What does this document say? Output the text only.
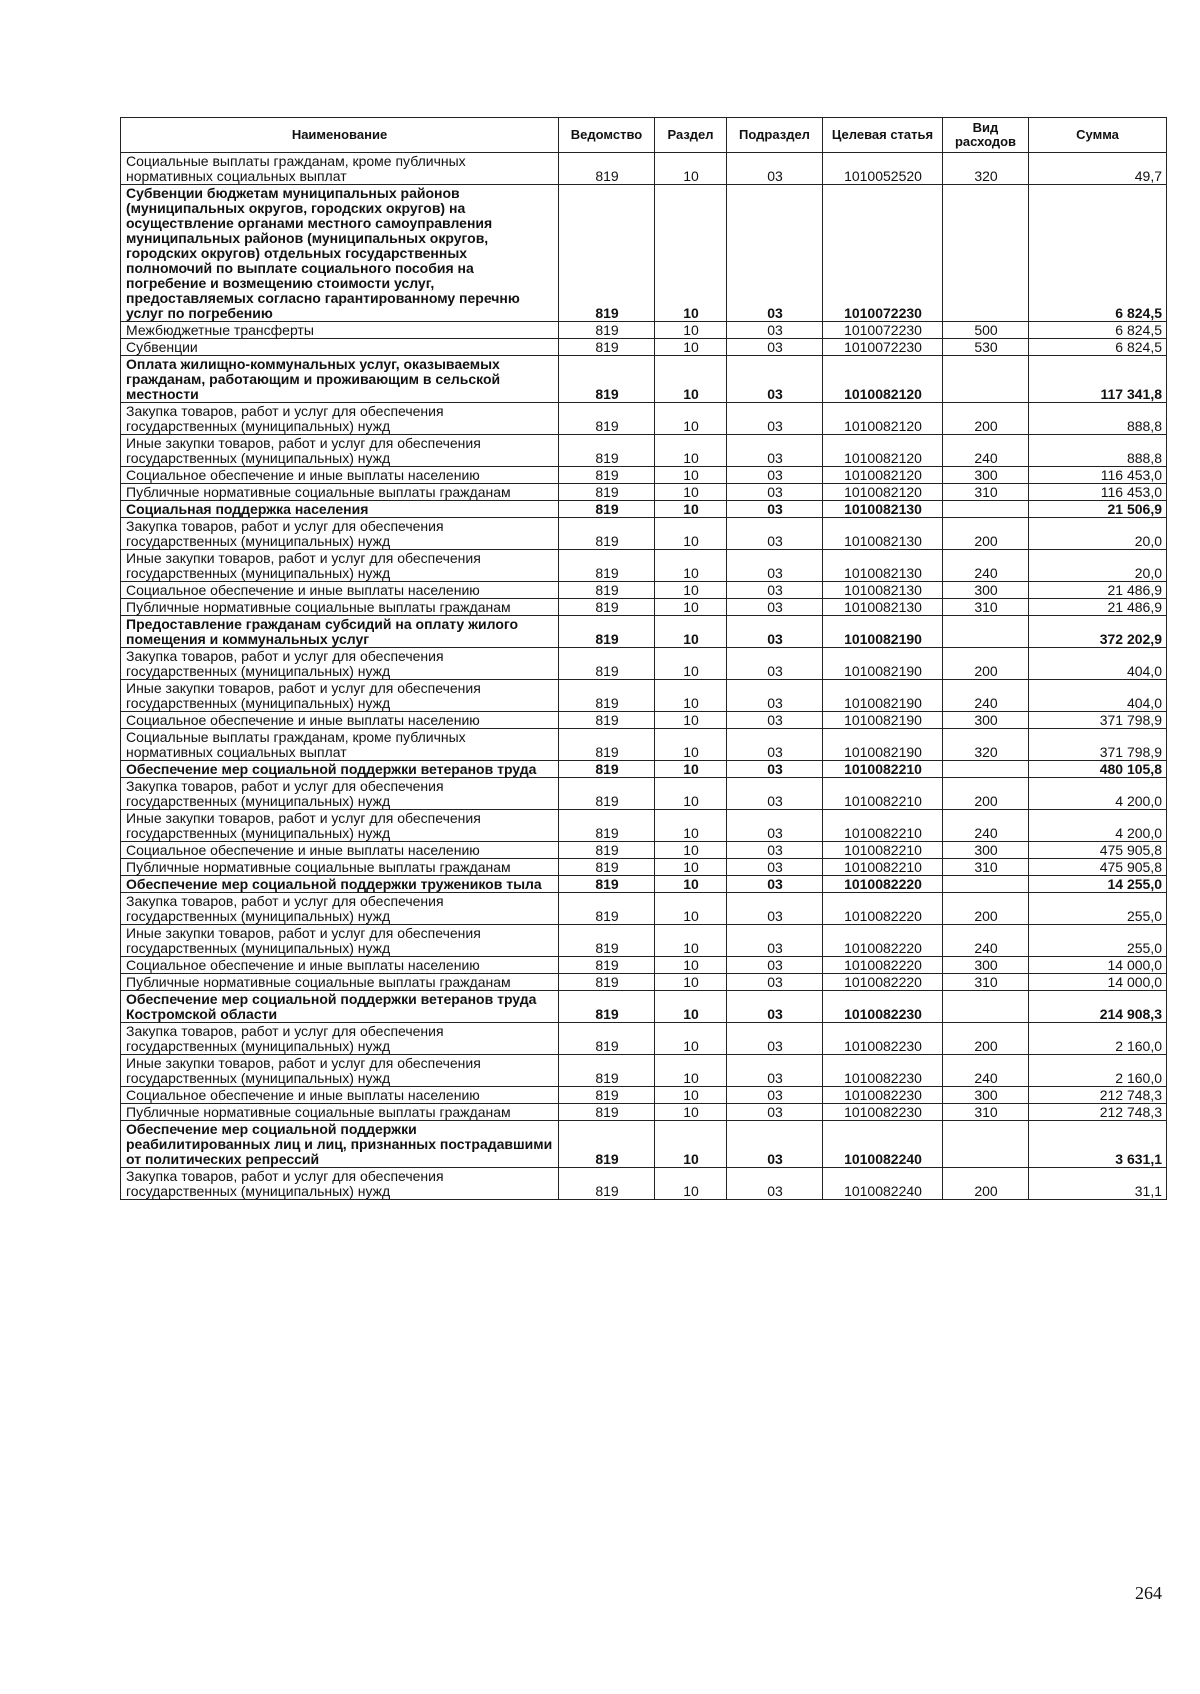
Наименование	Ведомство	Раздел	Подраздел	Целевая статья	Вид расходов	Сумма
Социальные выплаты гражданам, кроме публичных нормативных социальных выплат	819	10	03	1010052520	320	49,7
Субвенции бюджетам муниципальных районов (муниципальных округов, городских округов) на осуществление органами местного самоуправления муниципальных районов (муниципальных округов, городских округов) отдельных государственных полномочий по выплате социального пособия на погребение и возмещению стоимости услуг, предоставляемых согласно гарантированному перечню услуг по погребению	819	10	03	1010072230		6 824,5
Межбюджетные трансферты	819	10	03	1010072230	500	6 824,5
Субвенции	819	10	03	1010072230	530	6 824,5
Оплата жилищно-коммунальных услуг, оказываемых гражданам, работающим и проживающим в сельской местности	819	10	03	1010082120		117 341,8
Закупка товаров, работ и услуг для обеспечения государственных (муниципальных) нужд	819	10	03	1010082120	200	888,8
Иные закупки товаров, работ и услуг для обеспечения государственных (муниципальных) нужд	819	10	03	1010082120	240	888,8
Социальное обеспечение и иные выплаты населению	819	10	03	1010082120	300	116 453,0
Публичные нормативные социальные выплаты гражданам	819	10	03	1010082120	310	116 453,0
Социальная поддержка населения	819	10	03	1010082130		21 506,9
Закупка товаров, работ и услуг для обеспечения государственных (муниципальных) нужд	819	10	03	1010082130	200	20,0
Иные закупки товаров, работ и услуг для обеспечения государственных (муниципальных) нужд	819	10	03	1010082130	240	20,0
Социальное обеспечение и иные выплаты населению	819	10	03	1010082130	300	21 486,9
Публичные нормативные социальные выплаты гражданам	819	10	03	1010082130	310	21 486,9
Предоставление гражданам субсидий на оплату жилого помещения и коммунальных услуг	819	10	03	1010082190		372 202,9
Закупка товаров, работ и услуг для обеспечения государственных (муниципальных) нужд	819	10	03	1010082190	200	404,0
Иные закупки товаров, работ и услуг для обеспечения государственных (муниципальных) нужд	819	10	03	1010082190	240	404,0
Социальное обеспечение и иные выплаты населению	819	10	03	1010082190	300	371 798,9
Социальные выплаты гражданам, кроме публичных нормативных социальных выплат	819	10	03	1010082190	320	371 798,9
Обеспечение мер социальной поддержки ветеранов труда	819	10	03	1010082210		480 105,8
Закупка товаров, работ и услуг для обеспечения государственных (муниципальных) нужд	819	10	03	1010082210	200	4 200,0
Иные закупки товаров, работ и услуг для обеспечения государственных (муниципальных) нужд	819	10	03	1010082210	240	4 200,0
Социальное обеспечение и иные выплаты населению	819	10	03	1010082210	300	475 905,8
Публичные нормативные социальные выплаты гражданам	819	10	03	1010082210	310	475 905,8
Обеспечение мер социальной поддержки тружеников тыла	819	10	03	1010082220		14 255,0
Закупка товаров, работ и услуг для обеспечения государственных (муниципальных) нужд	819	10	03	1010082220	200	255,0
Иные закупки товаров, работ и услуг для обеспечения государственных (муниципальных) нужд	819	10	03	1010082220	240	255,0
Социальное обеспечение и иные выплаты населению	819	10	03	1010082220	300	14 000,0
Публичные нормативные социальные выплаты гражданам	819	10	03	1010082220	310	14 000,0
Обеспечение мер социальной поддержки ветеранов труда Костромской области	819	10	03	1010082230		214 908,3
Закупка товаров, работ и услуг для обеспечения государственных (муниципальных) нужд	819	10	03	1010082230	200	2 160,0
Иные закупки товаров, работ и услуг для обеспечения государственных (муниципальных) нужд	819	10	03	1010082230	240	2 160,0
Социальное обеспечение и иные выплаты населению	819	10	03	1010082230	300	212 748,3
Публичные нормативные социальные выплаты гражданам	819	10	03	1010082230	310	212 748,3
Обеспечение мер социальной поддержки реабилитированных лиц и лиц, признанных пострадавшими от политических репрессий	819	10	03	1010082240		3 631,1
Закупка товаров, работ и услуг для обеспечения государственных (муниципальных) нужд	819	10	03	1010082240	200	31,1
264
